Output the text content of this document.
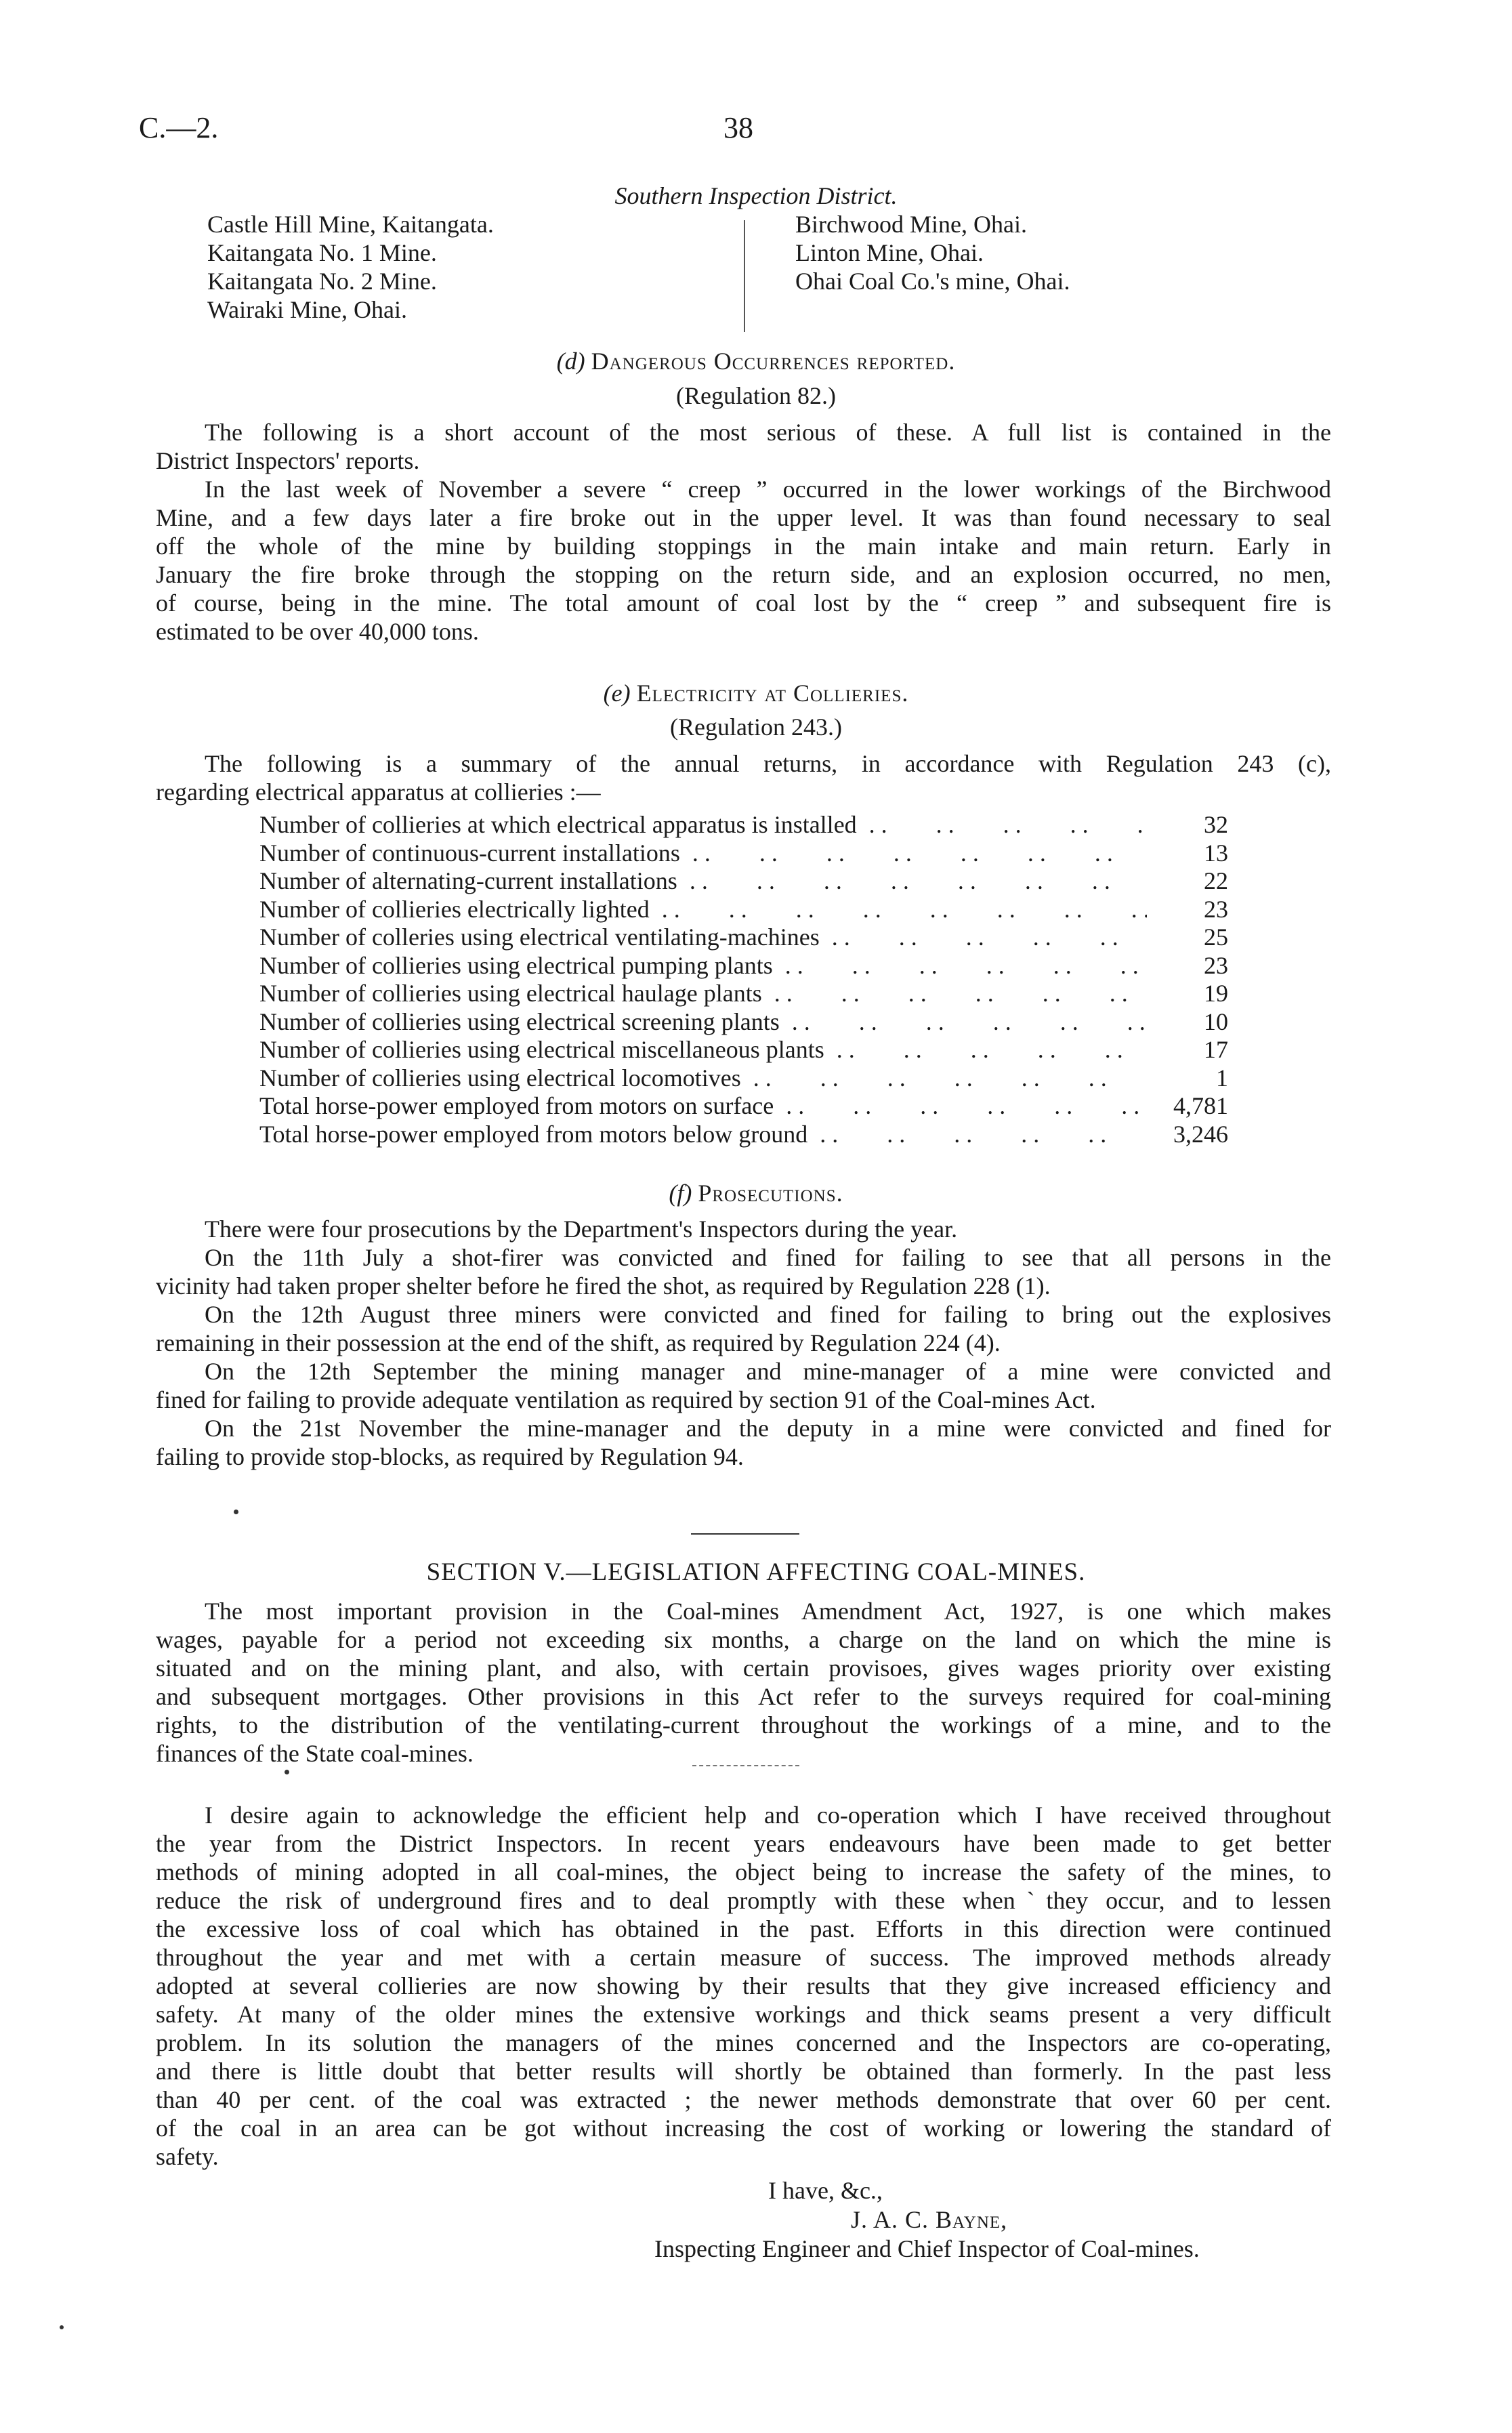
C.—2.	38
Southern Inspection District.
Castle Hill Mine, Kaitangata.
Kaitangata No. 1 Mine.
Kaitangata No. 2 Mine.
Wairaki Mine, Ohai.
Birchwood Mine, Ohai.
Linton Mine, Ohai.
Ohai Coal Co.'s mine, Ohai.
(d) Dangerous Occurrences reported.
(Regulation 82.)
The following is a short account of the most serious of these. A full list is contained in the
District Inspectors' reports.
In the last week of November a severe “ creep ” occurred in the lower workings of the Birchwood
Mine, and a few days later a fire broke out in the upper level. It was than found necessary to seal
off the whole of the mine by building stoppings in the main intake and main return. Early in
January the fire broke through the stopping on the return side, and an explosion occurred, no men,
of course, being in the mine. The total amount of coal lost by the “ creep ” and subsequent fire is
estimated to be over 40,000 tons.
(e) Electricity at Collieries.
(Regulation 243.)
The following is a summary of the annual returns, in accordance with Regulation 243 (c),
regarding electrical apparatus at collieries :—
Number of collieries at which electrical apparatus is installed . .	32
Number of continuous-current installations . .	13
Number of alternating-current installations . .	22
Number of collieries electrically lighted . .	23
Number of colleries using electrical ventilating-machines . .	25
Number of collieries using electrical pumping plants . .	23
Number of collieries using electrical haulage plants . .	19
Number of collieries using electrical screening plants . .	10
Number of collieries using electrical miscellaneous plants . .	17
Number of collieries using electrical locomotives . .	1
Total horse-power employed from motors on surface . .	4,781
Total horse-power employed from motors below ground . .	3,246
(f) Prosecutions.
There were four prosecutions by the Department's Inspectors during the year.
On the 11th July a shot-firer was convicted and fined for failing to see that all persons in the
vicinity had taken proper shelter before he fired the shot, as required by Regulation 228 (1).
On the 12th August three miners were convicted and fined for failing to bring out the explosives
remaining in their possession at the end of the shift, as required by Regulation 224 (4).
On the 12th September the mining manager and mine-manager of a mine were convicted and
fined for failing to provide adequate ventilation as required by section 91 of the Coal-mines Act.
On the 21st November the mine-manager and the deputy in a mine were convicted and fined for
failing to provide stop-blocks, as required by Regulation 94.
SECTION V.—LEGISLATION AFFECTING COAL-MINES.
The most important provision in the Coal-mines Amendment Act, 1927, is one which makes
wages, payable for a period not exceeding six months, a charge on the land on which the mine is
situated and on the mining plant, and also, with certain provisoes, gives wages priority over existing
and subsequent mortgages. Other provisions in this Act refer to the surveys required for coal-mining
rights, to the distribution of the ventilating-current throughout the workings of a mine, and to the
finances of the State coal-mines.
I desire again to acknowledge the efficient help and co-operation which I have received throughout
the year from the District Inspectors. In recent years endeavours have been made to get better
methods of mining adopted in all coal-mines, the object being to increase the safety of the mines, to
reduce the risk of underground fires and to deal promptly with these whenˋthey occur, and to lessen
the excessive loss of coal which has obtained in the past. Efforts in this direction were continued
throughout the year and met with a certain measure of success. The improved methods already
adopted at several collieries are now showing by their results that they give increased efficiency and
safety. At many of the older mines the extensive workings and thick seams present a very difficult
problem. In its solution the managers of the mines concerned and the Inspectors are co-operating,
and there is little doubt that better results will shortly be obtained than formerly. In the past less
than 40 per cent. of the coal was extracted ; the newer methods demonstrate that over 60 per cent.
of the coal in an area can be got without increasing the cost of working or lowering the standard of
safety.
I have, &c.,
J. A. C. Bayne,
Inspecting Engineer and Chief Inspector of Coal-mines.
